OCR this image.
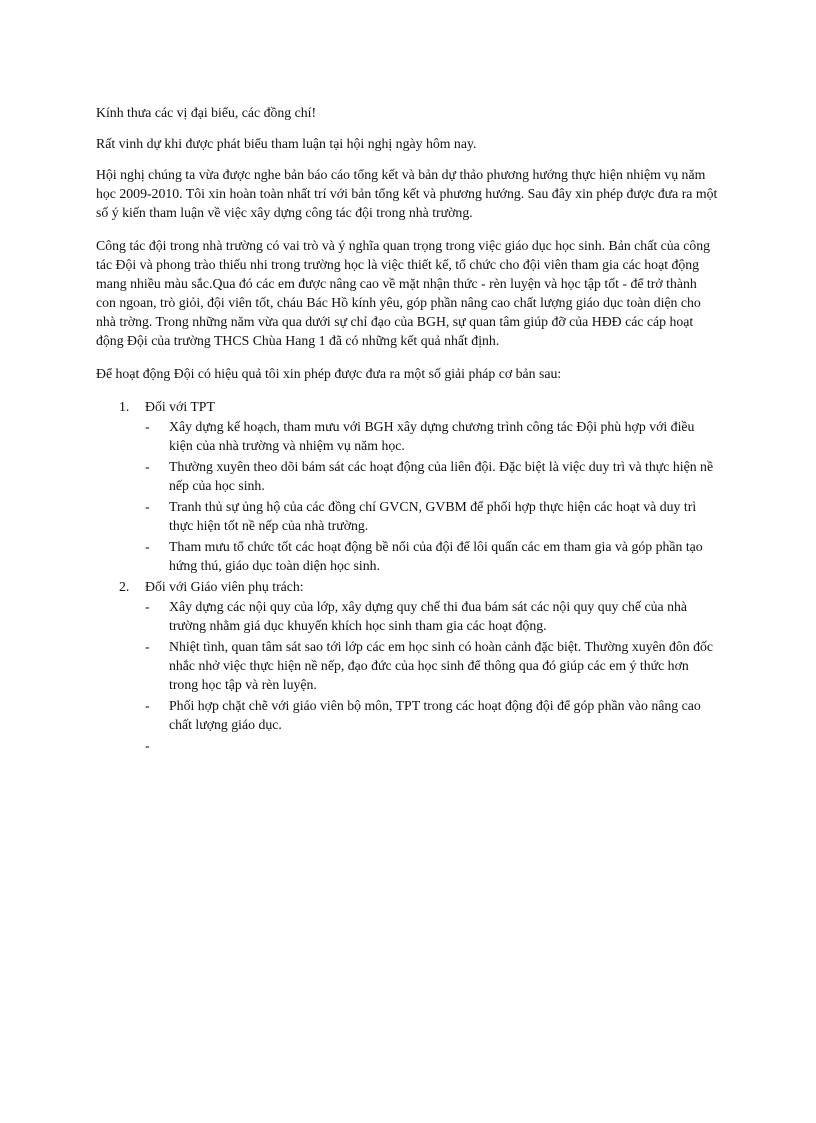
Kính thưa các vị đại biểu, các đồng chí!

Rất vinh dự khi được phát biểu tham luận tại hội nghị ngày hôm nay.

Hội nghị chúng ta vừa được nghe bản báo cáo tổng kết và bản dự thảo phương hướng thực hiện nhiệm vụ năm học 2009-2010. Tôi xin hoàn toàn nhất trí với bản tổng kết và phương hướng. Sau đây xin phép được đưa ra một số ý kiến tham luận về việc xây dựng công tác đội trong nhà trường.

Công tác đội trong nhà trường có vai trò và ý nghĩa quan trọng trong việc giáo dục học sinh. Bản chất của công tác Đội và phong trào thiếu nhi trong trường học là việc thiết kế, tổ chức cho đội viên tham gia các hoạt động mang nhiều màu sắc.Qua đó các em được nâng cao về mặt nhận thức - rèn luyện và học tập tốt - để trở thành con ngoan, trò giỏi, đội viên tốt, cháu Bác Hồ kính yêu, góp phần nâng cao chất lượng giáo dục toàn diện cho nhà trờng. Trong những năm vừa qua dưới sự chỉ đạo của BGH, sự quan tâm giúp đỡ của HĐĐ các cáp hoạt động Đội của trường THCS Chùa Hang 1 đã có những kết quả nhất định.

Để hoạt động Đội có hiệu quả tôi xin phép được đưa ra một số giải pháp cơ bản sau:

1. Đối với TPT
- Xây dựng kế hoạch, tham mưu với BGH xây dựng chương trình công tác Đội phù hợp với điều kiện của nhà trường và nhiệm vụ năm học.
- Thường xuyên theo dõi bám sát các hoạt động của liên đội. Đặc biệt là việc duy trì và thực hiện nề nếp của học sinh.
- Tranh thủ sự ủng hộ của các đồng chí GVCN, GVBM để phối hợp thực hiện các hoạt và duy trì thực hiện tốt nề nếp của nhà trường.
- Tham mưu tổ chức tốt các hoạt động bề nổi của đội để lôi quấn các em tham gia và góp phần tạo hứng thú, giáo dục toàn diện học sinh.
2. Đối với Giáo viên phụ trách:
- Xây dựng các nội quy của lớp, xây dựng quy chế thi đua bám sát các nội quy quy chế của nhà trường nhằm giá dục khuyến khích học sinh tham gia các hoạt động.
- Nhiệt tình, quan tâm sát sao tới lớp các em học sinh có hoàn cảnh đặc biệt. Thường xuyên đôn đốc nhắc nhở việc thực hiện nề nếp, đạo đức của học sinh để thông qua đó giúp các em ý thức hơn trong học tập và rèn luyện.
- Phối hợp chặt chẽ với giáo viên bộ môn, TPT trong các hoạt động đội để góp phần vào nâng cao chất lượng giáo dục.
-
